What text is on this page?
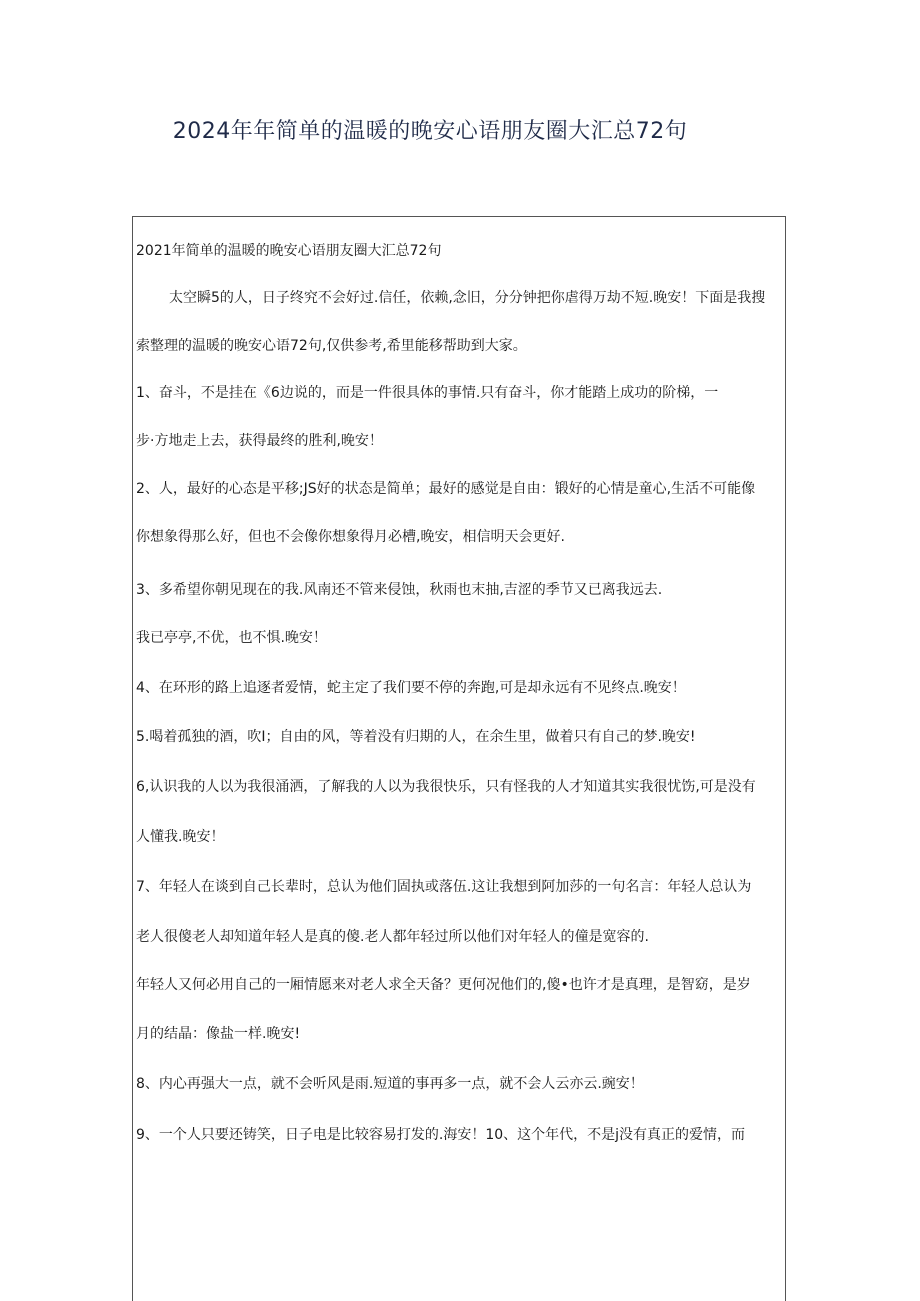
2024年年简单的温暖的晚安心语朋友圈大汇总72句
2021年简单的温暖的晚安心语朋友圈大汇总72句
太空瞬5的人，日子终究不会好过.信任，依赖,念旧，分分钟把你虐得万劫不短.晚安！下面是我搜
索整理的温暖的晚安心语72句,仅供参考,希里能移帮助到大家。
1、奋斗，不是挂在《6边说的，而是一件很具体的事情.只有奋斗，你才能踏上成功的阶梯，一
步·方地走上去，获得最终的胜利,晚安！
2、人，最好的心态是平移;JS好的状态是简单；最好的感觉是自由：锻好的心情是童心,生活不可能像
你想象得那么好，但也不会像你想象得月必槽,晚安，相信明天会更好.
3、多希望你朝见现在的我.风南还不管来侵蚀，秋雨也末抽,吉涩的季节又已离我远去.
我已亭亭,不优，也不惧.晚安！
4、在环形的路上追逐者爱情，蛇主定了我们要不停的奔跑,可是却永远有不见终点.晚安！
5.喝着孤独的酒，吹I；自由的风，等着没有归期的人，在余生里，做着只有自己的梦.晚安!
6,认识我的人以为我很涌洒，了解我的人以为我很快乐，只有怪我的人才知道其实我很忧饬,可是没有
人懂我.晚安！
7、年轻人在谈到自己长辈时，总认为他们固执或落伍.这让我想到阿加莎的一句名言：年轻人总认为
老人很傻老人却知道年轻人是真的傻.老人都年轻过所以他们对年轻人的僮是宽容的.
年轻人又何必用自己的一厢情愿来对老人求全天备？更何况他们的,傻•也许才是真理，是智窈，是岁
月的结晶：像盐一样.晚安!
8、内心再强大一点，就不会听风是雨.短道的事再多一点，就不会人云亦云.豌安！
9、一个人只要还铸笑，日子电是比较容易打发的.海安！10、这个年代，不是j没有真正的爱情，而
